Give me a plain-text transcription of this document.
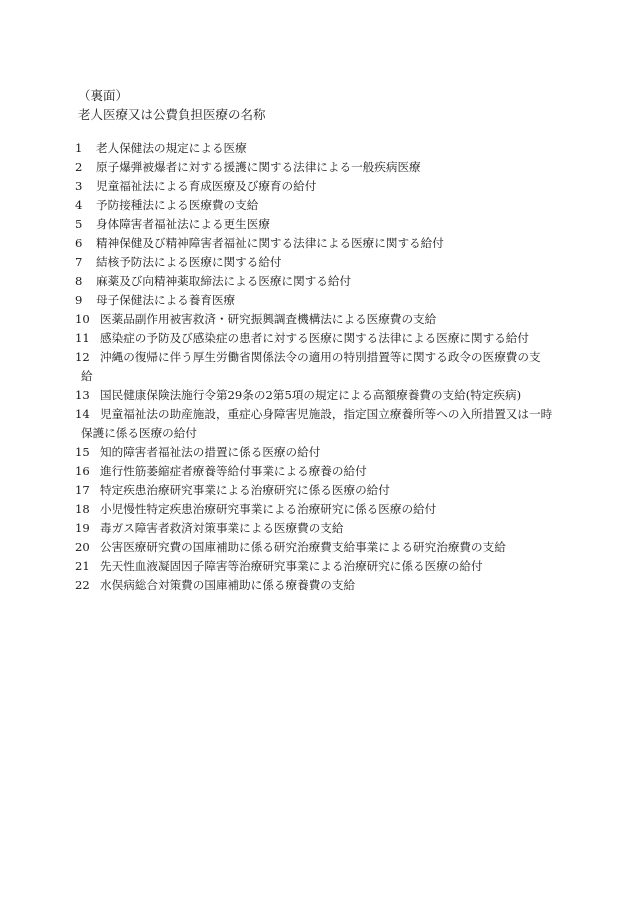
（裏面）
老人医療又は公費負担医療の名称
1 老人保健法の規定による医療
2 原子爆弾被爆者に対する援護に関する法律による一般疾病医療
3 児童福祉法による育成医療及び療育の給付
4 予防接種法による医療費の支給
5 身体障害者福祉法による更生医療
6 精神保健及び精神障害者福祉に関する法律による医療に関する給付
7 結核予防法による医療に関する給付
8 麻薬及び向精神薬取締法による医療に関する給付
9 母子保健法による養育医療
10 医薬品副作用被害救済・研究振興調査機構法による医療費の支給
11 感染症の予防及び感染症の患者に対する医療に関する法律による医療に関する給付
12 沖縄の復帰に伴う厚生労働省関係法令の適用の特別措置等に関する政令の医療費の支
給
13 国民健康保険法施行令第29条の2第5項の規定による高額療養費の支給(特定疾病)
14 児童福祉法の助産施設，重症心身障害児施設，指定国立療養所等への入所措置又は一時
保護に係る医療の給付
15 知的障害者福祉法の措置に係る医療の給付
16 進行性筋萎縮症者療養等給付事業による療養の給付
17 特定疾患治療研究事業による治療研究に係る医療の給付
18 小児慢性特定疾患治療研究事業による治療研究に係る医療の給付
19 毒ガス障害者救済対策事業による医療費の支給
20 公害医療研究費の国庫補助に係る研究治療費支給事業による研究治療費の支給
21 先天性血液凝固因子障害等治療研究事業による治療研究に係る医療の給付
22 水俣病総合対策費の国庫補助に係る療養費の支給
